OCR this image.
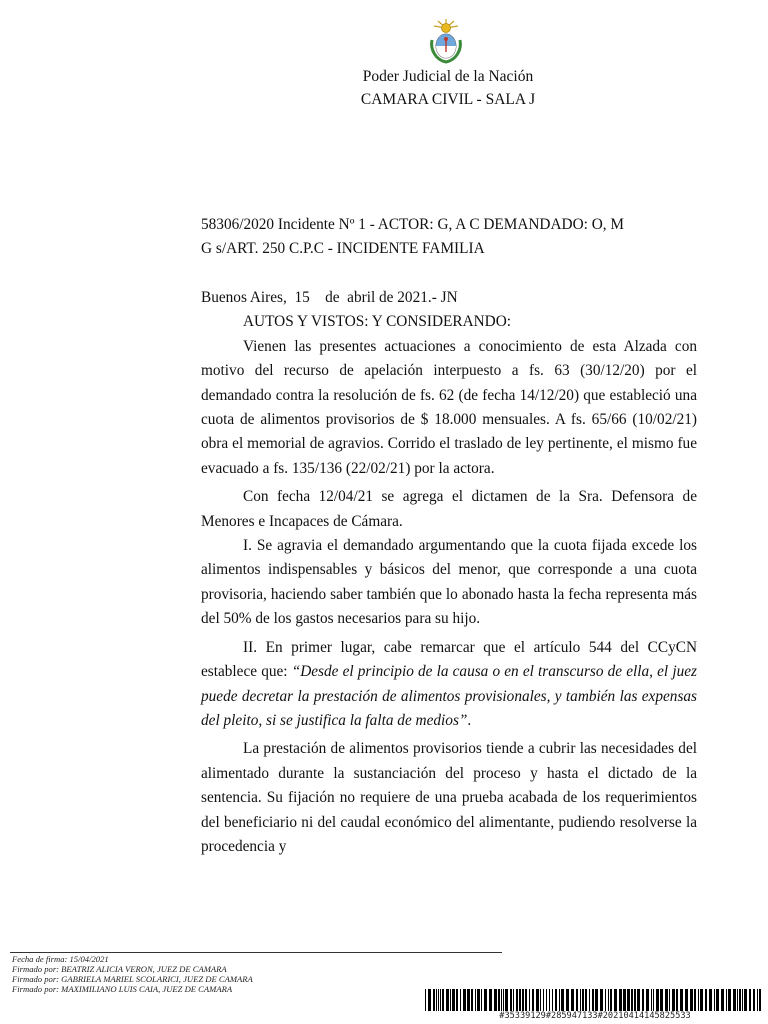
Poder Judicial de la Nación
CAMARA CIVIL - SALA J
58306/2020 Incidente Nº 1 - ACTOR: G, A C DEMANDADO: O, M
G s/ART. 250 C.P.C - INCIDENTE FAMILIA

Buenos Aires,  15    de  abril de 2021.- JN

AUTOS Y VISTOS: Y CONSIDERANDO:

Vienen las presentes actuaciones a conocimiento de esta Alzada con motivo del recurso de apelación interpuesto a fs. 63 (30/12/20) por el demandado contra la resolución de fs. 62 (de fecha 14/12/20) que estableció una cuota de alimentos provisorios de $ 18.000 mensuales. A fs. 65/66 (10/02/21) obra el memorial de agravios. Corrido el traslado de ley pertinente, el mismo fue evacuado a fs. 135/136 (22/02/21) por la actora.

Con fecha 12/04/21 se agrega el dictamen de la Sra. Defensora de Menores e Incapaces de Cámara.

I. Se agravia el demandado argumentando que la cuota fijada excede los alimentos indispensables y básicos del menor, que corresponde a una cuota provisoria, haciendo saber también que lo abonado hasta la fecha representa más del 50% de los gastos necesarios para su hijo.

II. En primer lugar, cabe remarcar que el artículo 544 del CCyCN establece que: “Desde el principio de la causa o en el transcurso de ella, el juez puede decretar la prestación de alimentos provisionales, y también las expensas del pleito, si se justifica la falta de medios”.

La prestación de alimentos provisorios tiende a cubrir las necesidades del alimentado durante la sustanciación del proceso y hasta el dictado de la sentencia. Su fijación no requiere de una prueba acabada de los requerimientos del beneficiario ni del caudal económico del alimentante, pudiendo resolverse la procedencia y

Fecha de firma: 15/04/2021
Firmado por: BEATRIZ ALICIA VERON, JUEZ DE CAMARA
Firmado por: GABRIELA MARIEL SCOLARICI, JUEZ DE CAMARA
Firmado por: MAXIMILIANO LUIS CAIA, JUEZ DE CAMARA
#35339129#285947133#20210414145825533
